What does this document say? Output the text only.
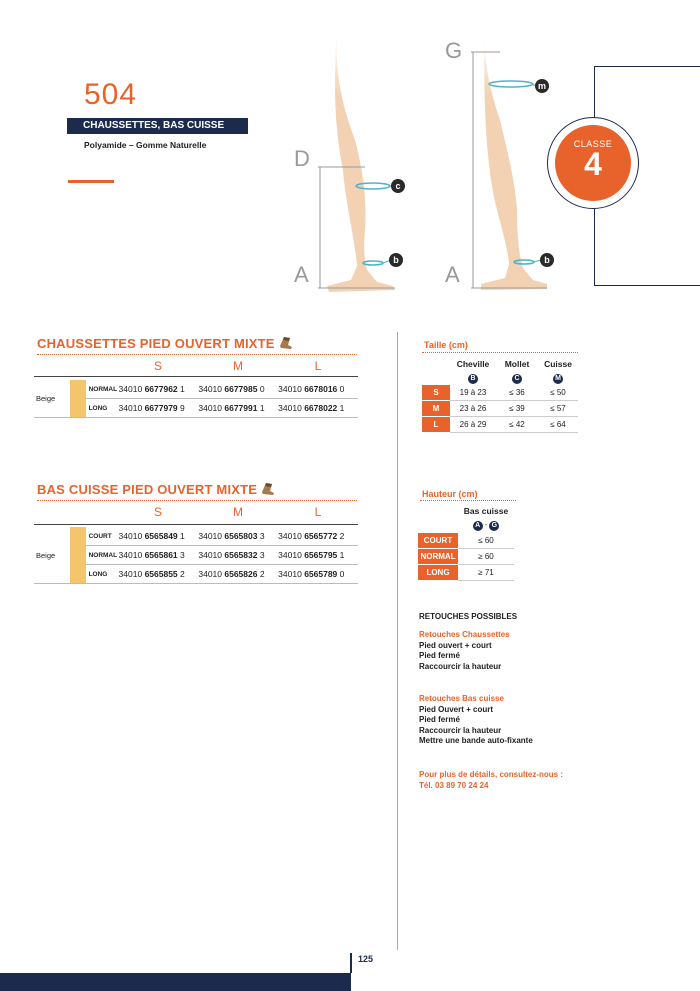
504
CHAUSSETTES, BAS CUISSE
Polyamide – Gomme Naturelle
D
A
G
A
c
b
m
b
CLASSE
4
CHAUSSETTES PIED OUVERT MIXTE
S	M	L
Beige		NORMAL	34010 6677962 1	34010 6677985 0	34010 6678016 0
		LONG	34010 6677979 9	34010 6677991 1	34010 6678022 1
BAS CUISSE PIED OUVERT MIXTE
S	M	L
Beige		COURT	34010 6565849 1	34010 6565803 3	34010 6565772 2
		NORMAL	34010 6565861 3	34010 6565832 3	34010 6565795 1
		LONG	34010 6565855 2	34010 6565826 2	34010 6565789 0
Taille (cm)
	Cheville	Mollet	Cuisse
	B	C	M
S	19 à 23	≤ 36	≤ 50
M	23 à 26	≤ 39	≤ 57
L	26 à 29	≤ 42	≤ 64
Hauteur (cm)
	Bas cuisse
	A - G
COURT	≤ 60
NORMAL	≥ 60
LONG	≥ 71
RETOUCHES POSSIBLES
Retouches Chaussettes
Pied ouvert + court
Pied fermé
Raccourcir la hauteur
Retouches Bas cuisse
Pied Ouvert + court
Pied fermé
Raccourcir la hauteur
Mettre une bande auto-fixante
Pour plus de détails, consultez-nous :
Tél. 03 89 70 24 24
125
